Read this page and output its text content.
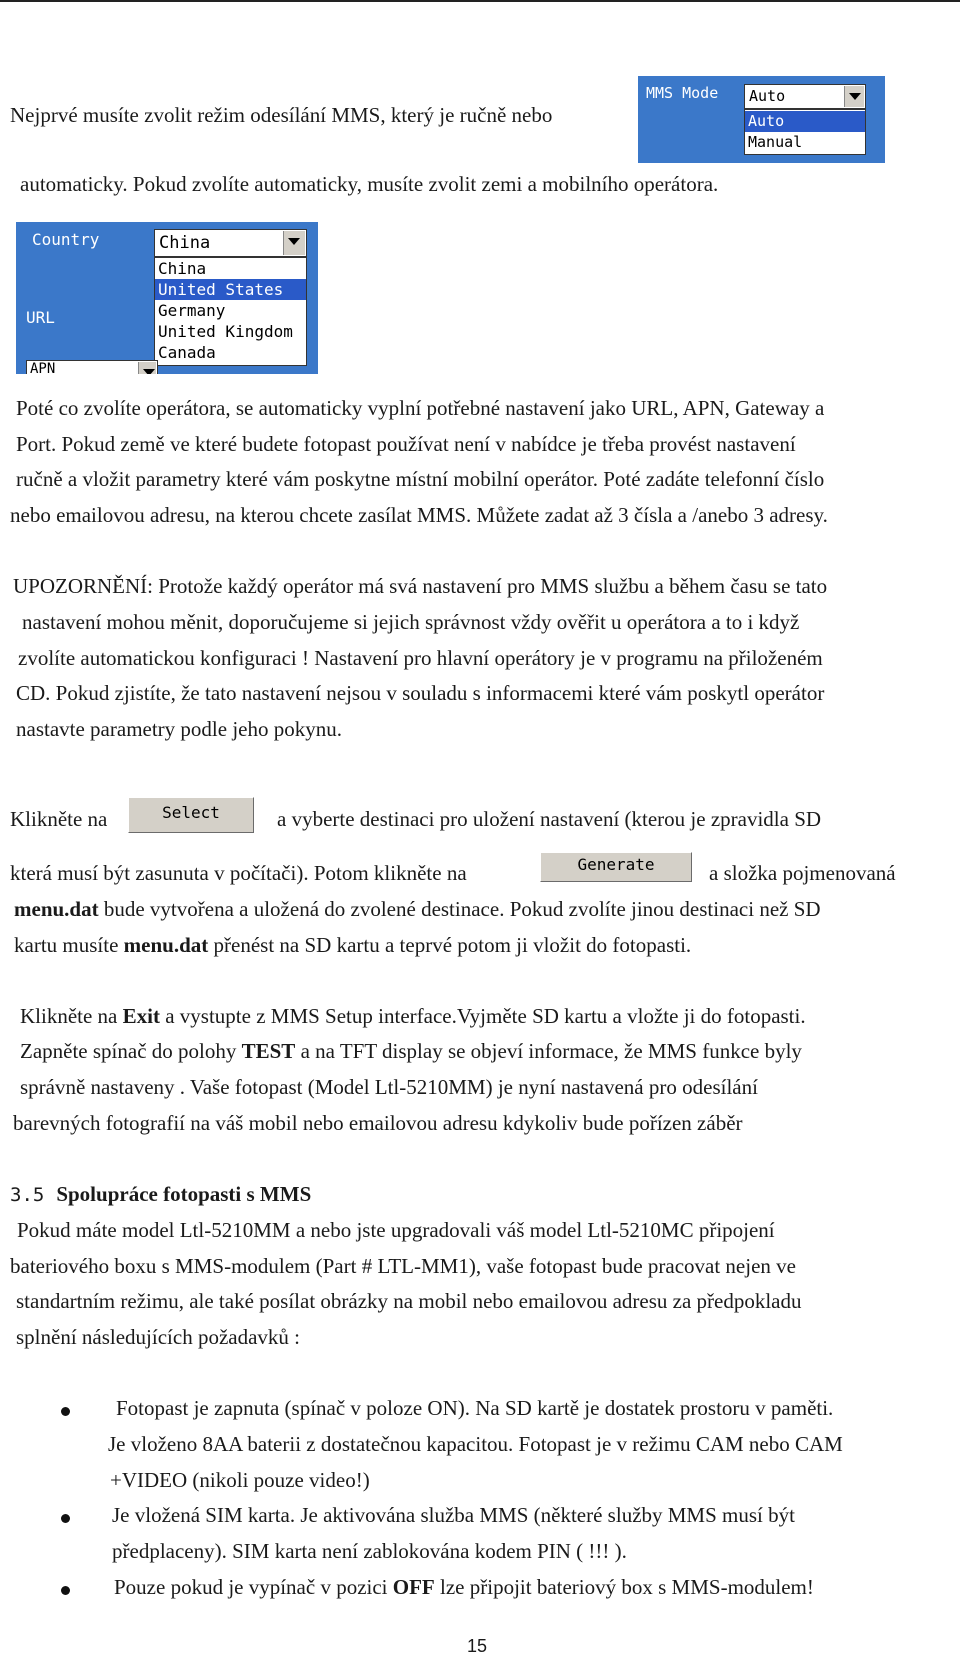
Nejprvé musíte zvolit režim odesílání MMS, který je ručně nebo
automaticky. Pokud zvolíte automaticky, musíte zvolit zemi a mobilního operátora.
MMS Mode Auto
Auto
Manual
Country
URL
China
China
United States
Germany
United Kingdom
Canada
APN
Poté co zvolíte operátora, se automaticky vyplní potřebné nastavení jako URL, APN, Gateway a
Port. Pokud země ve které budete fotopast používat není v nabídce je třeba provést nastavení
ručně a vložit parametry které vám poskytne místní mobilní operátor. Poté zadáte telefonní číslo
nebo emailovou adresu, na kterou chcete zasílat MMS. Můžete zadat až 3 čísla a /anebo 3 adresy.
UPOZORNĚNÍ: Protože každý operátor má svá nastavení pro MMS službu a během času se tato
nastavení mohou měnit, doporučujeme si jejich správnost vždy ověřit u operátora a to i když
zvolíte automatickou konfiguraci ! Nastavení pro hlavní operátory je v programu na přiloženém
CD. Pokud zjistíte, že tato nastavení nejsou v souladu s informacemi které vám poskytl operátor
nastavte parametry podle jeho pokynu.
Klikněte na	Select	a vyberte destinaci pro uložení nastavení (kterou je zpravidla SD
která musí být zasunuta v počítači). Potom klikněte na	Generate	a složka pojmenovaná
menu.dat bude vytvořena a uložená do zvolené destinace. Pokud zvolíte jinou destinaci než SD
kartu musíte menu.dat přenést na SD kartu a teprvé potom ji vložit do fotopasti.
Klikněte na Exit a vystupte z MMS Setup interface.Vyjměte SD kartu a vložte ji do fotopasti.
Zapněte spínač do polohy TEST a na TFT display se objeví informace, že MMS funkce byly
správně nastaveny . Vaše fotopast (Model Ltl-5210MM) je nyní nastavená pro odesílání
barevných fotografií na váš mobil nebo emailovou adresu kdykoliv bude pořízen záběr
3.5 Spolupráce fotopasti s MMS
Pokud máte model Ltl-5210MM a nebo jste upgradovali váš model Ltl-5210MC připojení
bateriového boxu s MMS-modulem (Part # LTL-MM1), vaše fotopast bude pracovat nejen ve
standartním režimu, ale také posílat obrázky na mobil nebo emailovou adresu za předpokladu
splnění následujících požadavků :
Fotopast je zapnuta (spínač v poloze ON). Na SD kartě je dostatek prostoru v paměti.
Je vloženo 8AA baterii z dostatečnou kapacitou. Fotopast je v režimu CAM nebo CAM
+VIDEO (nikoli pouze video!)
Je vložená SIM karta. Je aktivována služba MMS (některé služby MMS musí být
předplaceny). SIM karta není zablokována kodem PIN ( !!! ).
Pouze pokud je vypínač v pozici OFF lze připojit bateriový box s MMS-modulem!
15
